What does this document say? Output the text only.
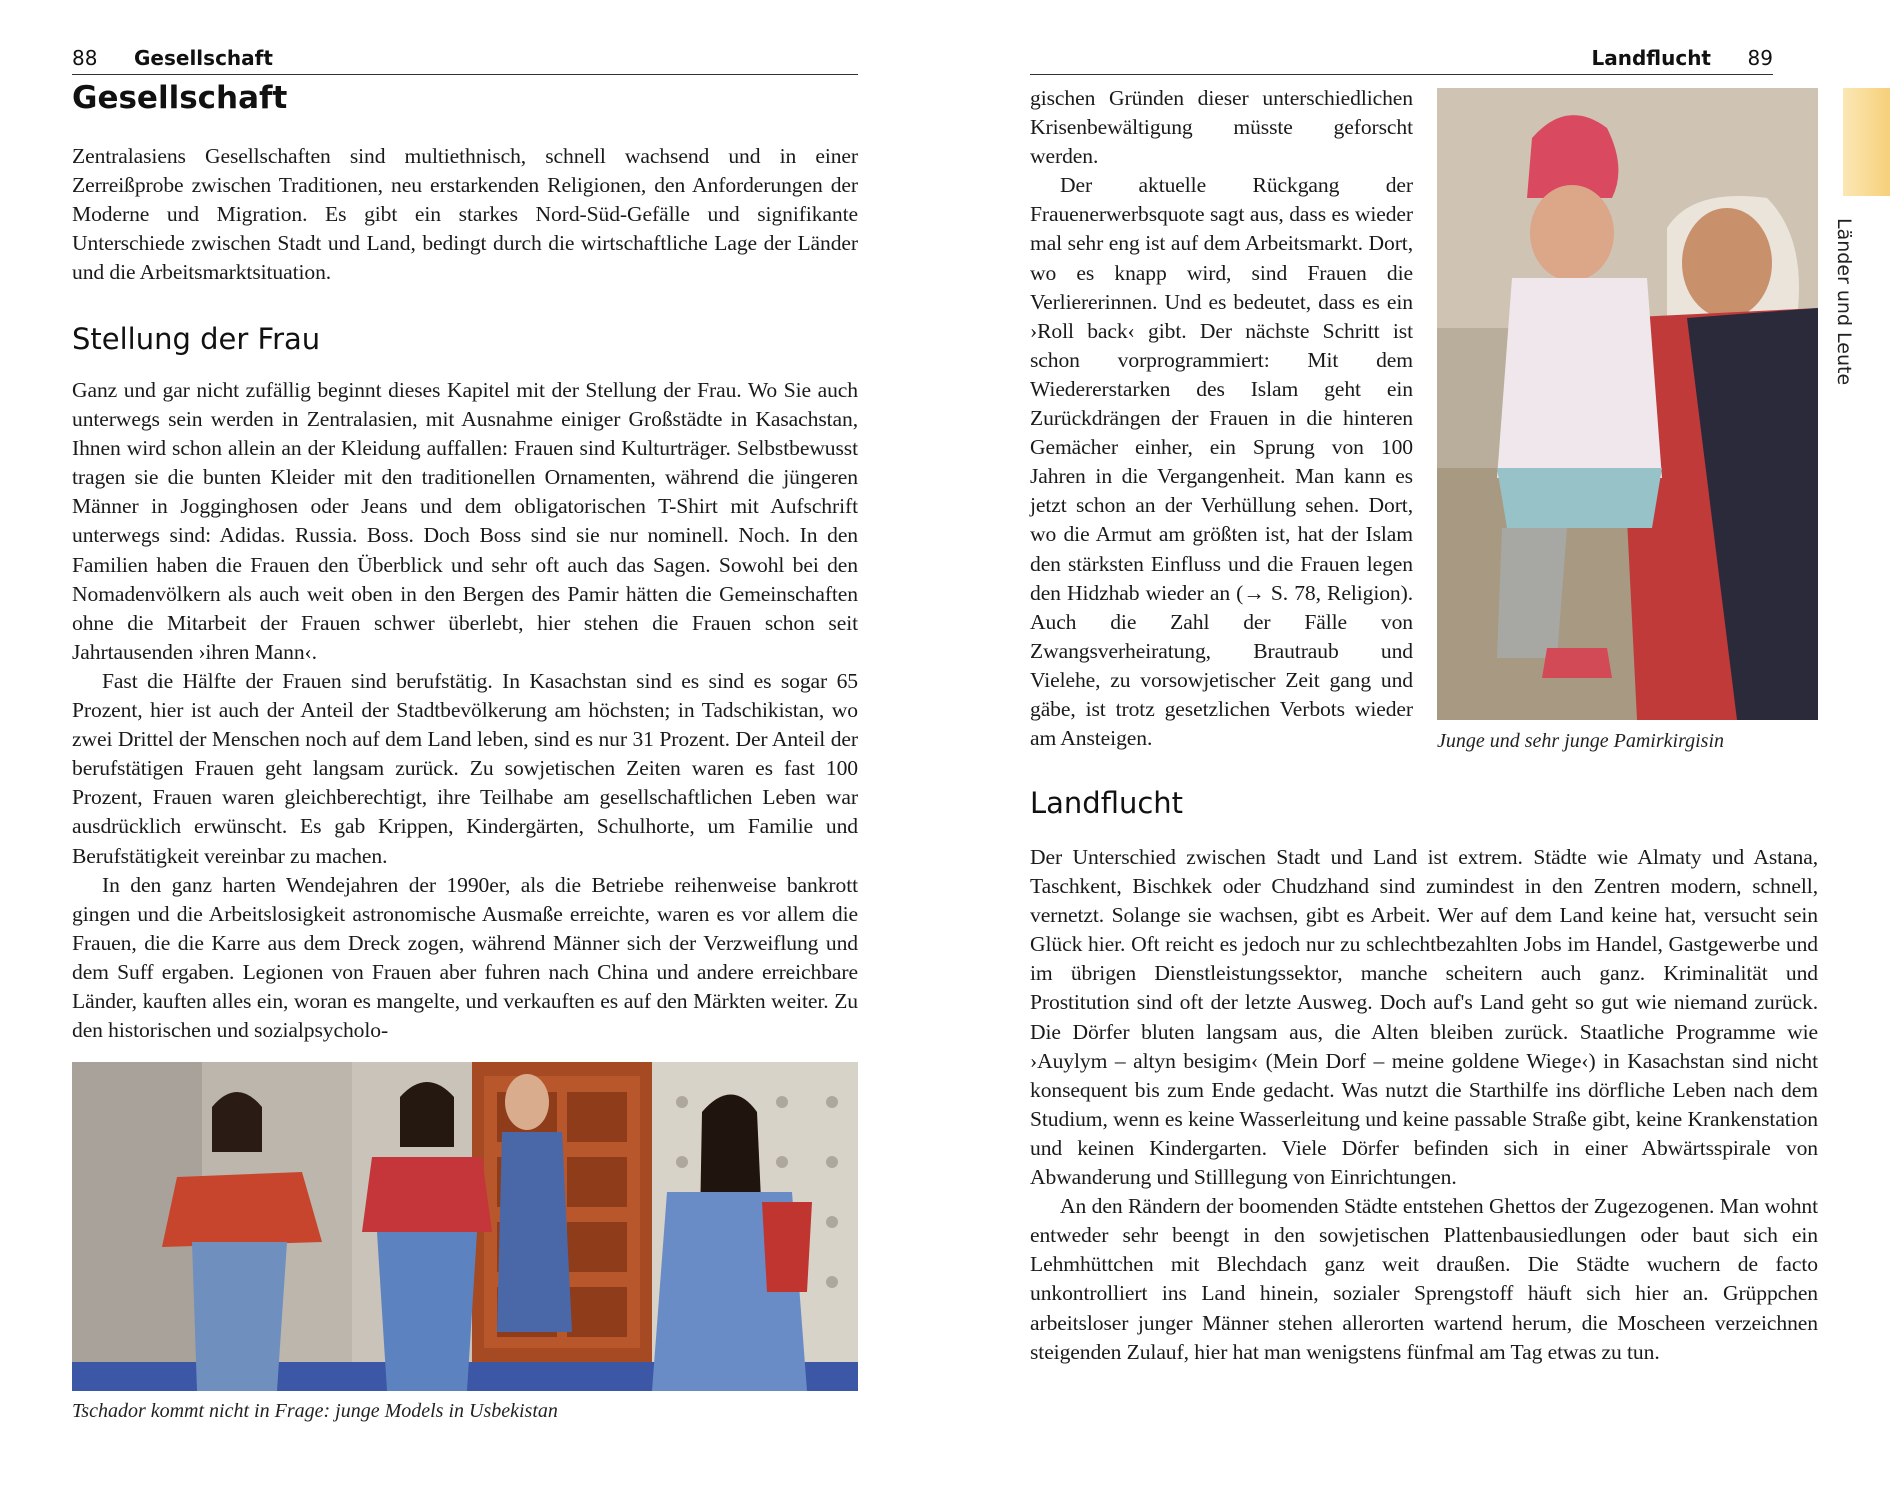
88 Gesellschaft
Gesellschaft

Zentralasiens Gesellschaften sind multiethnisch, schnell wachsend und in einer Zerreißprobe zwischen Traditionen, neu erstarkenden Religionen, den Anforderungen der Moderne und Migration. Es gibt ein starkes Nord-Süd-Gefälle und signifikante Unterschiede zwischen Stadt und Land, bedingt durch die wirtschaftliche Lage der Länder und die Arbeitsmarktsituation.

Stellung der Frau

Ganz und gar nicht zufällig beginnt dieses Kapitel mit der Stellung der Frau. Wo Sie auch unterwegs sein werden in Zentralasien, mit Ausnahme einiger Großstädte in Kasachstan, Ihnen wird schon allein an der Kleidung auffallen: Frauen sind Kulturträger. Selbstbewusst tragen sie die bunten Kleider mit den traditionellen Ornamenten, während die jüngeren Männer in Jogginghosen oder Jeans und dem obligatorischen T-Shirt mit Aufschrift unterwegs sind: Adidas. Russia. Boss. Doch Boss sind sie nur nominell. Noch. In den Familien haben die Frauen den Überblick und sehr oft auch das Sagen. Sowohl bei den Nomadenvölkern als auch weit oben in den Bergen des Pamir hätten die Gemeinschaften ohne die Mitarbeit der Frauen schwer überlebt, hier stehen die Frauen schon seit Jahrtausenden ›ihren Mann‹.

Fast die Hälfte der Frauen sind berufstätig. In Kasachstan sind es sind es sogar 65 Prozent, hier ist auch der Anteil der Stadtbevölkerung am höchsten; in Tadschikistan, wo zwei Drittel der Menschen noch auf dem Land leben, sind es nur 31 Prozent. Der Anteil der berufstätigen Frauen geht langsam zurück. Zu sowjetischen Zeiten waren es fast 100 Prozent, Frauen waren gleichberechtigt, ihre Teilhabe am gesellschaftlichen Leben war ausdrücklich erwünscht. Es gab Krippen, Kindergärten, Schulhorte, um Familie und Berufstätigkeit vereinbar zu machen.

In den ganz harten Wendejahren der 1990er, als die Betriebe reihenweise bankrott gingen und die Arbeitslosigkeit astronomische Ausmaße erreichte, waren es vor allem die Frauen, die die Karre aus dem Dreck zogen, während Männer sich der Verzweiflung und dem Suff ergaben. Legionen von Frauen aber fuhren nach China und andere erreichbare Länder, kauften alles ein, woran es mangelte, und verkauften es auf den Märkten weiter. Zu den historischen und sozialpsycholo-

Tschador kommt nicht in Frage: junge Models in Usbekistan
Landflucht 89

gischen Gründen dieser unterschiedlichen Krisenbewältigung müsste geforscht werden.

Der aktuelle Rückgang der Frauenerwerbsquote sagt aus, dass es wieder mal sehr eng ist auf dem Arbeitsmarkt. Dort, wo es knapp wird, sind Frauen die Verliererinnen. Und es bedeutet, dass es ein ›Roll back‹ gibt. Der nächste Schritt ist schon vorprogrammiert: Mit dem Wiedererstarken des Islam geht ein Zurückdrängen der Frauen in die hinteren Gemächer einher, ein Sprung von 100 Jahren in die Vergangenheit. Man kann es jetzt schon an der Verhüllung sehen. Dort, wo die Armut am größten ist, hat der Islam den stärksten Einfluss und die Frauen legen den Hidzhab wieder an (→ S. 78, Religion). Auch die Zahl der Fälle von Zwangsverheiratung, Brautraub und Vielehe, zu vorsowjetischer Zeit gang und gäbe, ist trotz gesetzlichen Verbots wieder am Ansteigen.	Junge und sehr junge Pamirkirgisin
Landflucht

Der Unterschied zwischen Stadt und Land ist extrem. Städte wie Almaty und Astana, Taschkent, Bischkek oder Chudzhand sind zumindest in den Zentren modern, schnell, vernetzt. Solange sie wachsen, gibt es Arbeit. Wer auf dem Land keine hat, versucht sein Glück hier. Oft reicht es jedoch nur zu schlechtbezahlten Jobs im Handel, Gastgewerbe und im übrigen Dienstleistungssektor, manche scheitern auch ganz. Kriminalität und Prostitution sind oft der letzte Ausweg. Doch auf's Land geht so gut wie niemand zurück. Die Dörfer bluten langsam aus, die Alten bleiben zurück. Staatliche Programme wie ›Auylym – altyn besigim‹ (Mein Dorf – meine goldene Wiege‹) in Kasachstan sind nicht konsequent bis zum Ende gedacht. Was nutzt die Starthilfe ins dörfliche Leben nach dem Studium, wenn es keine Wasserleitung und keine passable Straße gibt, keine Krankenstation und keinen Kindergarten. Viele Dörfer befinden sich in einer Abwärtsspirale von Abwanderung und Stilllegung von Einrichtungen.

An den Rändern der boomenden Städte entstehen Ghettos der Zugezogenen. Man wohnt entweder sehr beengt in den sowjetischen Plattenbausiedlungen oder baut sich ein Lehmhüttchen mit Blechdach ganz weit draußen. Die Städte wuchern de facto unkontrolliert ins Land hinein, sozialer Sprengstoff häuft sich hier an. Grüppchen arbeitsloser junger Männer stehen allerorten wartend herum, die Moscheen verzeichnen steigenden Zulauf, hier hat man wenigstens fünfmal am Tag etwas zu tun.

Länder und Leute
